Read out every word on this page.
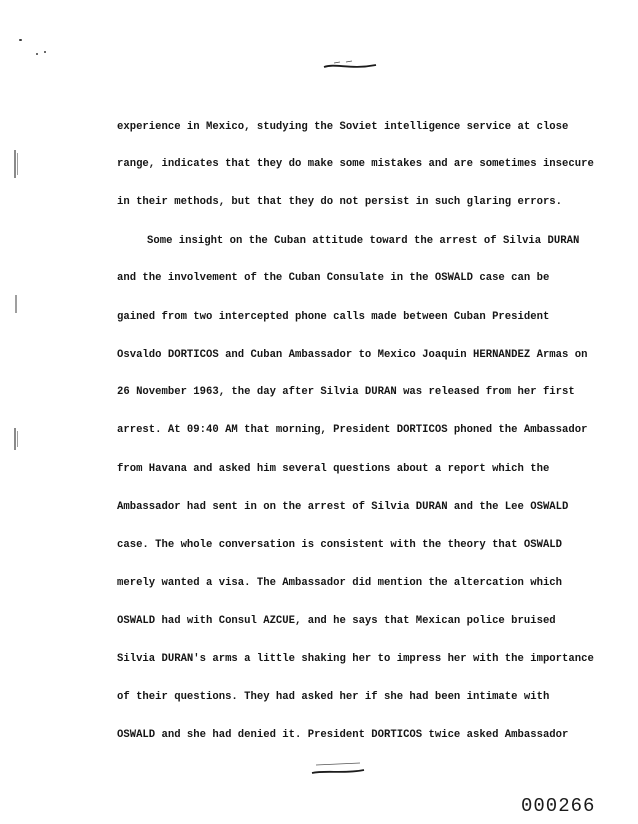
experience in Mexico, studying the Soviet intelligence service at close
range, indicates that they do make some mistakes and are sometimes insecure
in their methods, but that they do not persist in such glaring errors.
Some insight on the Cuban attitude toward the arrest of Silvia DURAN
and the involvement of the Cuban Consulate in the OSWALD case can be
gained from two intercepted phone calls made between Cuban President
Osvaldo DORTICOS and Cuban Ambassador to Mexico Joaquin HERNANDEZ Armas on
26 November 1963, the day after Silvia DURAN was released from her first
arrest. At 09:40 AM that morning, President DORTICOS phoned the Ambassador
from Havana and asked him several questions about a report which the
Ambassador had sent in on the arrest of Silvia DURAN and the Lee OSWALD
case. The whole conversation is consistent with the theory that OSWALD
merely wanted a visa. The Ambassador did mention the altercation which
OSWALD had with Consul AZCUE, and he says that Mexican police bruised
Silvia DURAN's arms a little shaking her to impress her with the importance
of their questions. They had asked her if she had been intimate with
OSWALD and she had denied it. President DORTICOS twice asked Ambassador
000266
